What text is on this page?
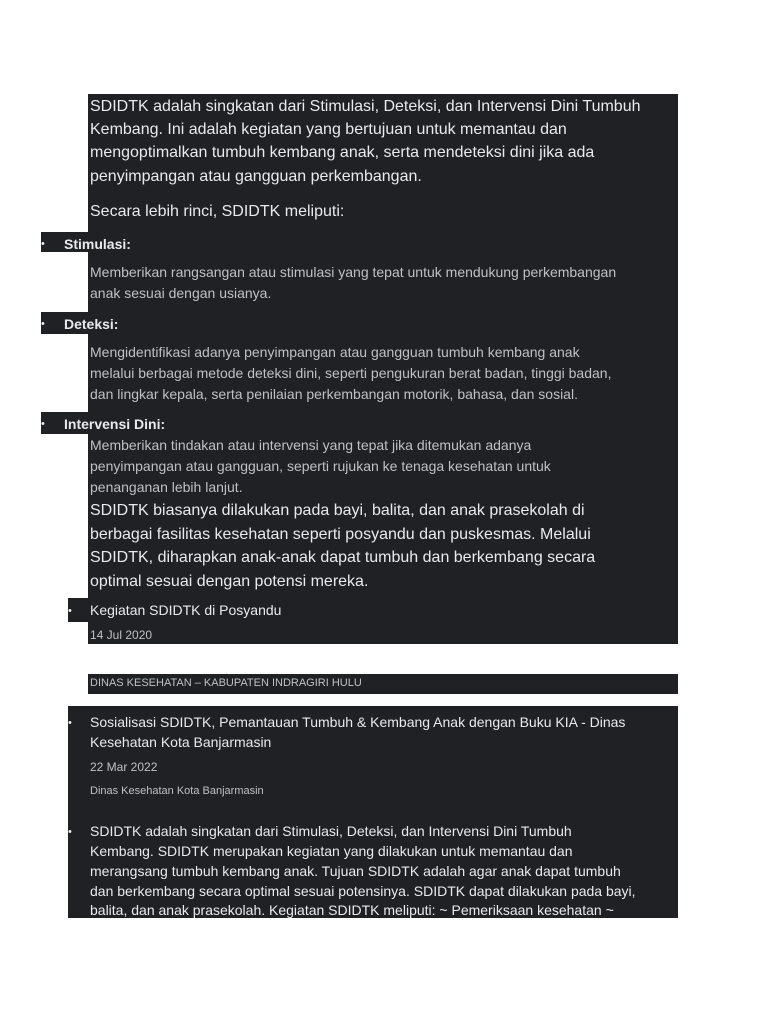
SDIDTK adalah singkatan dari Stimulasi, Deteksi, dan Intervensi Dini Tumbuh

Kembang. Ini adalah kegiatan yang bertujuan untuk memantau dan

mengoptimalkan tumbuh kembang anak, serta mendeteksi dini jika ada

penyimpangan atau gangguan perkembangan.

Secara lebih rinci, SDIDTK meliputi:

• Stimulasi:

Memberikan rangsangan atau stimulasi yang tepat untuk mendukung perkembangan

anak sesuai dengan usianya.

• Deteksi:

Mengidentifikasi adanya penyimpangan atau gangguan tumbuh kembang anak

melalui berbagai metode deteksi dini, seperti pengukuran berat badan, tinggi badan,

dan lingkar kepala, serta penilaian perkembangan motorik, bahasa, dan sosial.

• Intervensi Dini:

Memberikan tindakan atau intervensi yang tepat jika ditemukan adanya

penyimpangan atau gangguan, seperti rujukan ke tenaga kesehatan untuk

penanganan lebih lanjut.

SDIDTK biasanya dilakukan pada bayi, balita, dan anak prasekolah di

berbagai fasilitas kesehatan seperti posyandu dan puskesmas. Melalui

SDIDTK, diharapkan anak-anak dapat tumbuh dan berkembang secara

optimal sesuai dengan potensi mereka.

• Kegiatan SDIDTK di Posyandu

14 Jul 2020

DINAS KESEHATAN – KABUPATEN INDRAGIRI HULU

• Sosialisasi SDIDTK, Pemantauan Tumbuh & Kembang Anak dengan Buku KIA - Dinas

Kesehatan Kota Banjarmasin

22 Mar 2022

Dinas Kesehatan Kota Banjarmasin

• SDIDTK adalah singkatan dari Stimulasi, Deteksi, dan Intervensi Dini Tumbuh

Kembang. SDIDTK merupakan kegiatan yang dilakukan untuk memantau dan

merangsang tumbuh kembang anak. Tujuan SDIDTK adalah agar anak dapat tumbuh

dan berkembang secara optimal sesuai potensinya. SDIDTK dapat dilakukan pada bayi,

balita, dan anak prasekolah. Kegiatan SDIDTK meliputi: ~ Pemeriksaan kesehatan ~
